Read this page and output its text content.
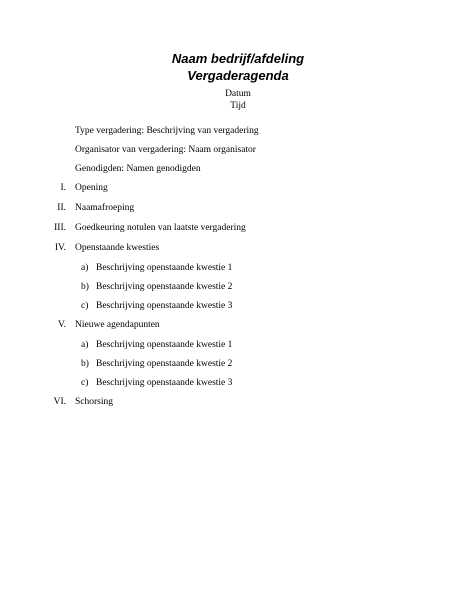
Naam bedrijf/afdeling
Vergaderagenda
Datum
Tijd
Type vergadering: Beschrijving van vergadering
Organisator van vergadering: Naam organisator
Genodigden: Namen genodigden
I. Opening
II. Naamafroeping
III. Goedkeuring notulen van laatste vergadering
IV. Openstaande kwesties
a) Beschrijving openstaande kwestie 1
b) Beschrijving openstaande kwestie 2
c) Beschrijving openstaande kwestie 3
V. Nieuwe agendapunten
a) Beschrijving openstaande kwestie 1
b) Beschrijving openstaande kwestie 2
c) Beschrijving openstaande kwestie 3
VI. Schorsing
